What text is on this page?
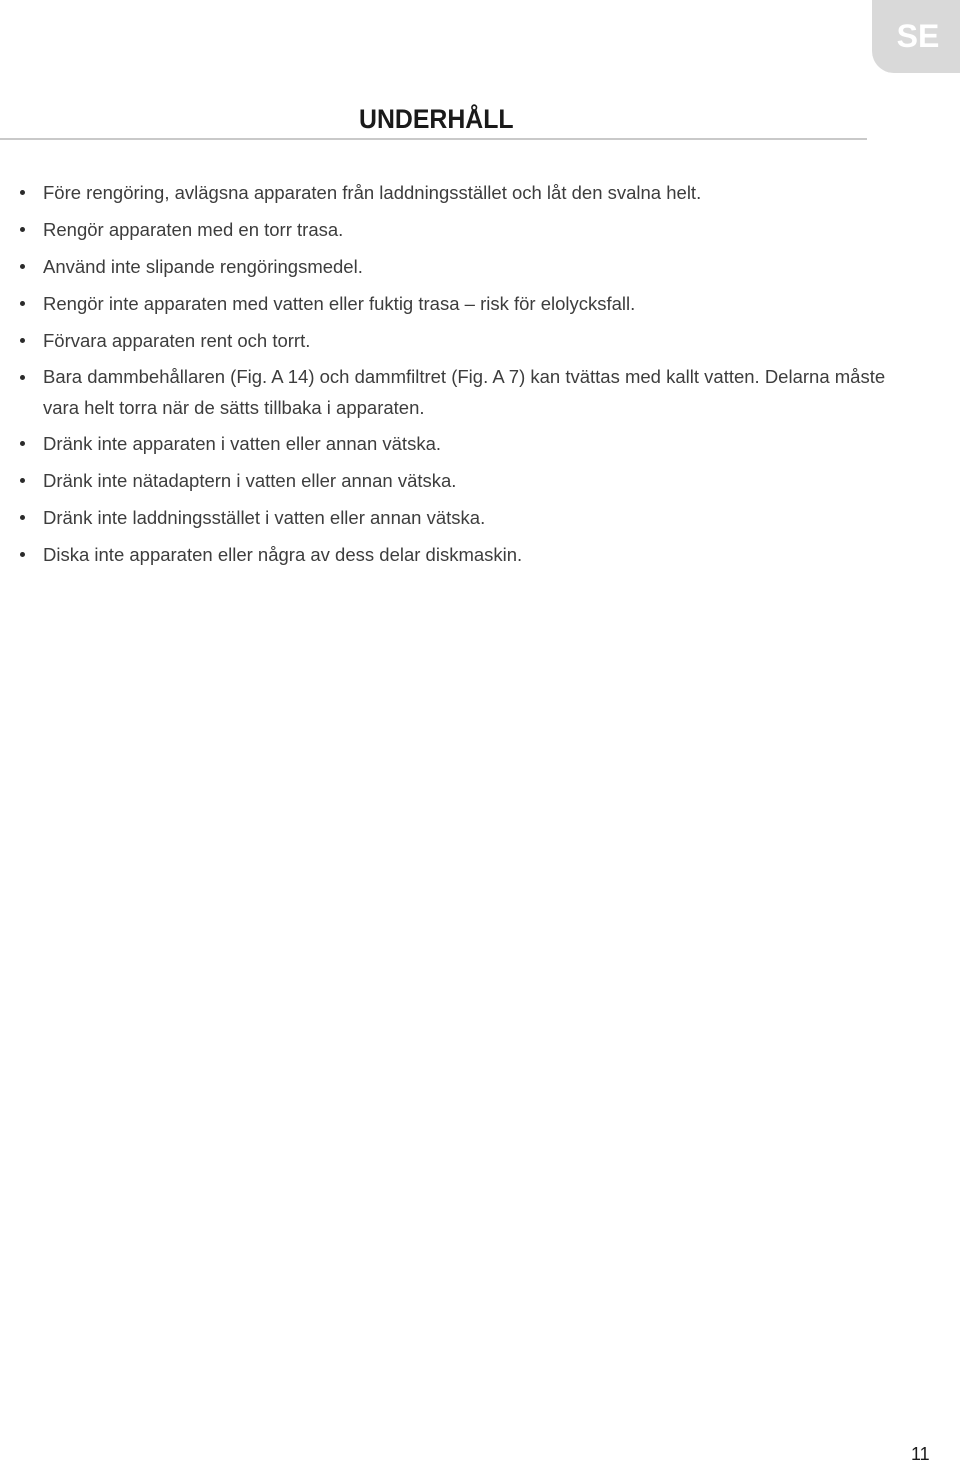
SE
UNDERHÅLL
Före rengöring, avlägsna apparaten från laddningsstället och låt den svalna helt.
Rengör apparaten med en torr trasa.
Använd inte slipande rengöringsmedel.
Rengör inte apparaten med vatten eller fuktig trasa – risk för elolycksfall.
Förvara apparaten rent och torrt.
Bara dammbehållaren (Fig. A 14) och dammfiltret (Fig. A 7) kan tvättas med kallt vatten. Delarna måste vara helt torra när de sätts tillbaka i apparaten.
Dränk inte apparaten i vatten eller annan vätska.
Dränk inte nätadaptern i vatten eller annan vätska.
Dränk inte laddningsstället i vatten eller annan vätska.
Diska inte apparaten eller några av dess delar diskmaskin.
11
